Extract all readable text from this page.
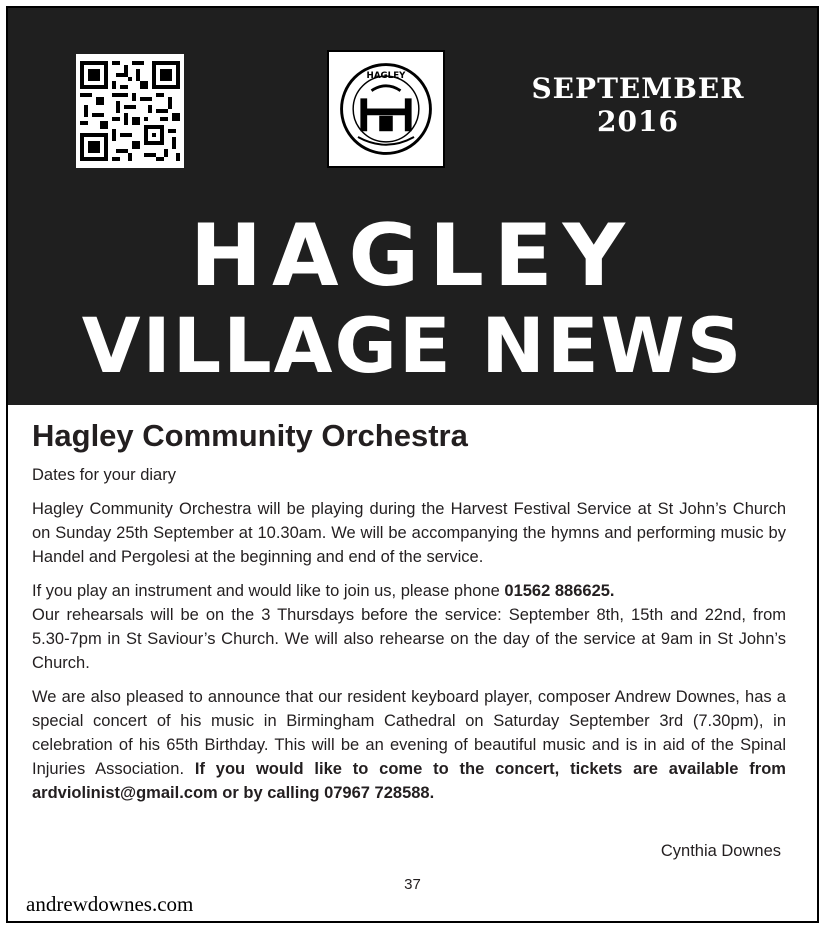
HAGLEY	SEPTEMBER 2016
HAGLEY
VILLAGE NEWS
Hagley Community Orchestra

Dates for your diary

Hagley Community Orchestra will be playing during the Harvest Festival Service at St John’s Church on Sunday 25th September at 10.30am. We will be accompanying the hymns and performing music by Handel and Pergolesi at the beginning and end of the service.

If you play an instrument and would like to join us, please phone 01562 886625.
Our rehearsals will be on the 3 Thursdays before the service: September 8th, 15th and 22nd, from 5.30-7pm in St Saviour’s Church. We will also rehearse on the day of the service at 9am in St John’s Church.

We are also pleased to announce that our resident keyboard player, composer Andrew Downes, has a special concert of his music in Birmingham Cathedral on Saturday September 3rd (7.30pm), in celebration of his 65th Birthday. This will be an evening of beautiful music and is in aid of the Spinal Injuries Association. If you would like to come to the concert, tickets are available from ardviolinist@gmail.com or by calling 07967 728588.

Cynthia Downes
37
andrewdownes.com
